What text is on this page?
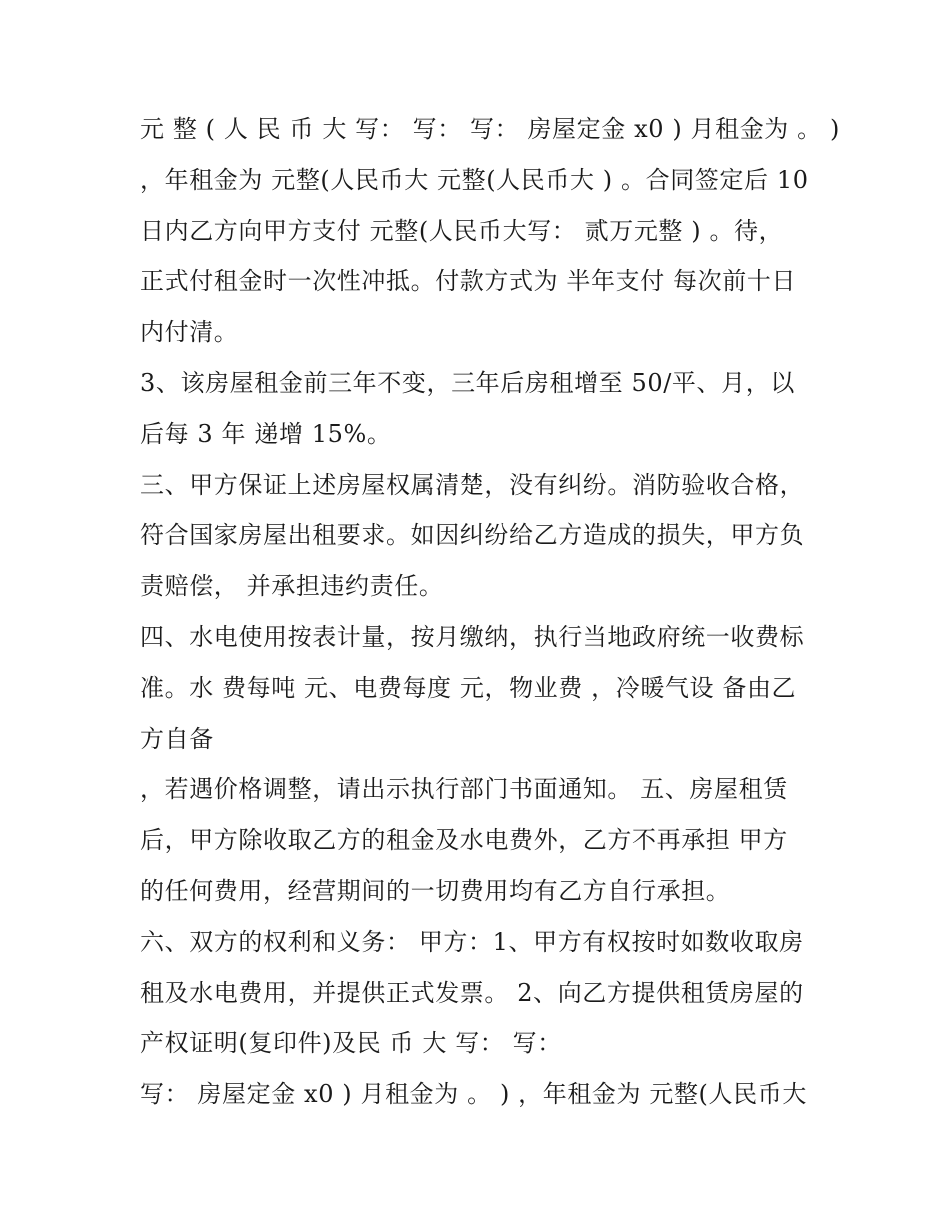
元 整 ( 人 民 币 大 写： 写： 写： 房屋定金 x0 ) 月租金为 。 )
，年租金为 元整(人民币大 元整(人民币大 ) 。合同签定后 10
日内乙方向甲方支付 元整(人民币大写： 贰万元整 ) 。待，
正式付租金时一次性冲抵。付款方式为 半年支付 每次前十日
内付清。
3、该房屋租金前三年不变，三年后房租增至 50/平、月，以
后每 3 年 递增 15%。
三、甲方保证上述房屋权属清楚，没有纠纷。消防验收合格，
符合国家房屋出租要求。如因纠纷给乙方造成的损失，甲方负
责赔偿， 并承担违约责任。
四、水电使用按表计量，按月缴纳，执行当地政府统一收费标
准。水 费每吨 元、电费每度 元，物业费 ，冷暖气设 备由乙
方自备
，若遇价格调整，请出示执行部门书面通知。 五、房屋租赁
后，甲方除收取乙方的租金及水电费外，乙方不再承担 甲方
的任何费用，经营期间的一切费用均有乙方自行承担。
六、双方的权利和义务： 甲方：1、甲方有权按时如数收取房
租及水电费用，并提供正式发票。 2、向乙方提供租赁房屋的
产权证明(复印件)及民 币 大 写： 写：
写： 房屋定金 x0 ) 月租金为 。 ) ，年租金为 元整(人民币大
